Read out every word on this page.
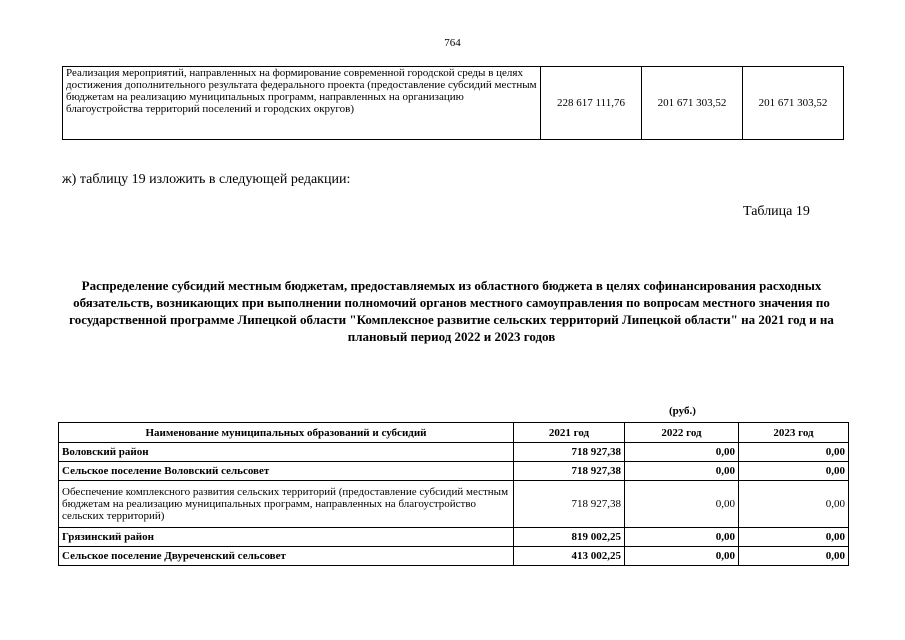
764
Реализация мероприятий, направленных на формирование современной городской среды в целях достижения дополнительного результата федерального проекта (предоставление субсидий местным бюджетам на реализацию муниципальных программ, направленных на организацию благоустройства территорий поселений и городских округов)	228 617 111,76	201 671 303,52	201 671 303,52
ж) таблицу 19 изложить в следующей редакции:
Таблица 19
Распределение субсидий местным бюджетам, предоставляемых из областного бюджета в целях софинансирования расходных обязательств, возникающих при выполнении полномочий органов местного самоуправления по вопросам местного значения по государственной программе Липецкой области "Комплексное развитие сельских территорий Липецкой области" на 2021 год и на плановый период 2022 и 2023 годов
(руб.)
Наименование муниципальных образований и субсидий	2021 год	2022 год	2023 год
Воловский район	718 927,38	0,00	0,00
Сельское поселение Воловский сельсовет	718 927,38	0,00	0,00
Обеспечение комплексного развития сельских территорий (предоставление субсидий местным бюджетам на реализацию муниципальных программ, направленных на благоустройство сельских территорий)	718 927,38	0,00	0,00
Грязинский район	819 002,25	0,00	0,00
Сельское поселение Двуреченский сельсовет	413 002,25	0,00	0,00
